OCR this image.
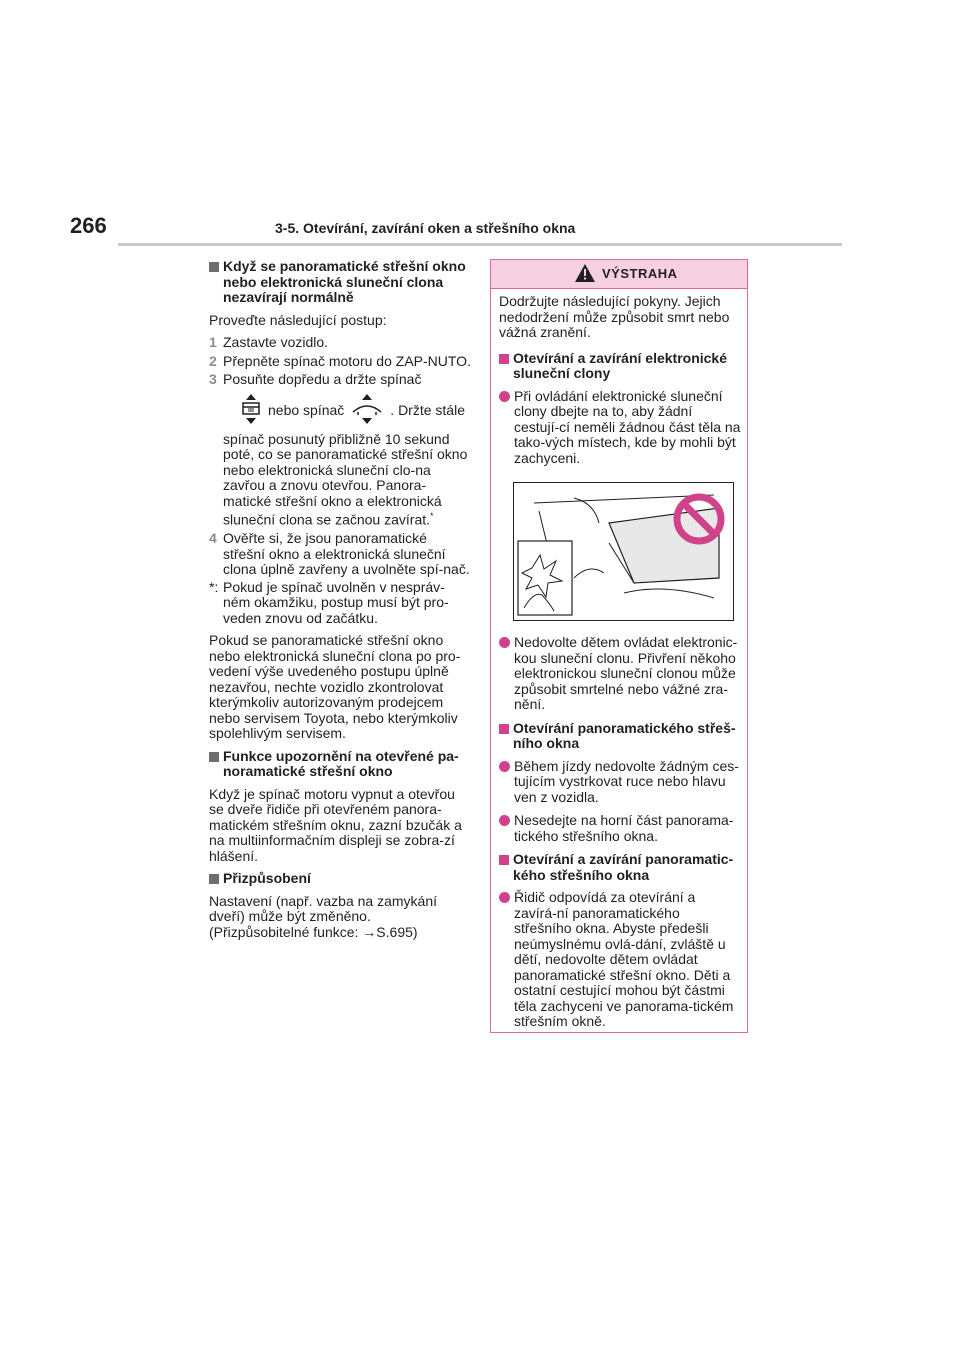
266	3-5. Otevírání, zavírání oken a střešního okna
Když se panoramatické střešní okno nebo elektronická sluneční clona nezavírají normálně
Proveďte následující postup:
1 Zastavte vozidlo.
2 Přepněte spínač motoru do ZAP-NUTO.
3 Posuňte dopředu a držte spínač
nebo spínač	. Držte stále
spínač posunutý přibližně 10 sekund poté, co se panoramatické střešní okno nebo elektronická sluneční clo-na zavřou a znovu otevřou. Panora-matické střešní okno a elektronická sluneční clona se začnou zavírat.*
4 Ověřte si, že jsou panoramatické střešní okno a elektronická sluneční clona úplně zavřeny a uvolněte spí-nač.
*: Pokud je spínač uvolněn v nespráv-ném okamžiku, postup musí být pro-veden znovu od začátku.
Pokud se panoramatické střešní okno nebo elektronická sluneční clona po pro-vedení výše uvedeného postupu úplně nezavřou, nechte vozidlo zkontrolovat kterýmkoliv autorizovaným prodejcem nebo servisem Toyota, nebo kterýmkoliv spolehlivým servisem.
Funkce upozornění na otevřené pa-noramatické střešní okno
Když je spínač motoru vypnut a otevřou se dveře řidiče při otevřeném panora-matickém střešním oknu, zazní bzučák a na multiinformačním displeji se zobra-zí hlášení.
Přizpůsobení
Nastavení (např. vazba na zamykání dveří) může být změněno. (Přizpůsobitelné funkce: →S.695)
VÝSTRAHA
Dodržujte následující pokyny. Jejich nedodržení může způsobit smrt nebo vážná zranění.
Otevírání a zavírání elektronické sluneční clony
Při ovládání elektronické sluneční clony dbejte na to, aby žádní cestují-cí neměli žádnou část těla na tako-vých místech, kde by mohli být zachyceni.
Nedovolte dětem ovládat elektronic-kou sluneční clonu. Přivření někoho elektronickou sluneční clonou může způsobit smrtelné nebo vážné zra-nění.
Otevírání panoramatického střeš-ního okna
Během jízdy nedovolte žádným ces-tujícím vystrkovat ruce nebo hlavu ven z vozidla.
Nesedejte na horní část panorama-tického střešního okna.
Otevírání a zavírání panoramatic-kého střešního okna
Řidič odpovídá za otevírání a zavírá-ní panoramatického střešního okna. Abyste předešli neúmyslnému ovlá-dání, zvláště u dětí, nedovolte dětem ovládat panoramatické střešní okno. Děti a ostatní cestující mohou být částmi těla zachyceni ve panorama-tickém střešním okně.
